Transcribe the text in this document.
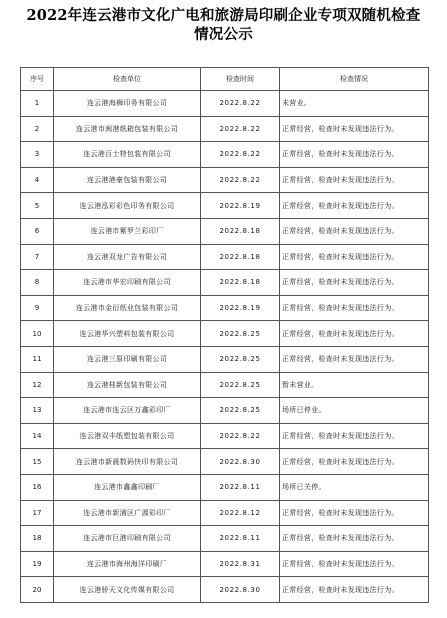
2022年连云港市文化广电和旅游局印刷企业专项双随机检查
情况公示
序号	检查单位	检查时间	检查情况
1	连云港海狮印务有限公司	2022.8.22	未营业。
2	连云港市闽港纸箱包装有限公司	2022.8.22	正常经营，检查时未发现违法行为。
3	连云港百士特包装有限公司	2022.8.22	正常经营，检查时未发现违法行为。
4	连云港港豪包装有限公司	2022.8.22	正常经营，检查时未发现违法行为。
5	连云港泓彩彩色印务有限公司	2022.8.19	正常经营，检查时未发现违法行为。
6	连云港市紫罗兰彩印厂	2022.8.18	正常经营，检查时未发现违法行为。
7	连云港双龙广告有限公司	2022.8.18	正常经营，检查时未发现违法行为。
8	连云港市华宏印刷有限公司	2022.8.18	正常经营，检查时未发现违法行为。
9	连云港市金衍纸业包装有限公司	2022.8.19	正常经营，检查时未发现违法行为。
10	连云港华兴塑料包装有限公司	2022.8.25	正常经营，检查时未发现违法行为。
11	连云港三原印刷有限公司	2022.8.25	正常经营，检查时未发现违法行为。
12	连云港桂新包装有限公司	2022.8.25	暂未营业。
13	连云港市连云区万鑫彩印厂	2022.8.25	场所已停业。
14	连云港双丰纸塑包装有限公司	2022.8.22	正常经营，检查时未发现违法行为。
15	连云港市新晨数码快印有限公司	2022.8.30	正常经营，检查时未发现违法行为。
16	连云港市鑫鑫印刷厂	2022.8.11	场所已关停。
17	连云港市新浦区广源彩印厂	2022.8.12	正常经营，检查时未发现违法行为。
18	连云港市巨港印刷有限公司	2022.8.11	正常经营，检查时未发现违法行为。
19	连云港市海州海洋印刷厂	2022.8.31	正常经营，检查时未发现违法行为。
20	连云港骄天文化传媒有限公司	2022.8.30	正常经营，检查时未发现违法行为。
